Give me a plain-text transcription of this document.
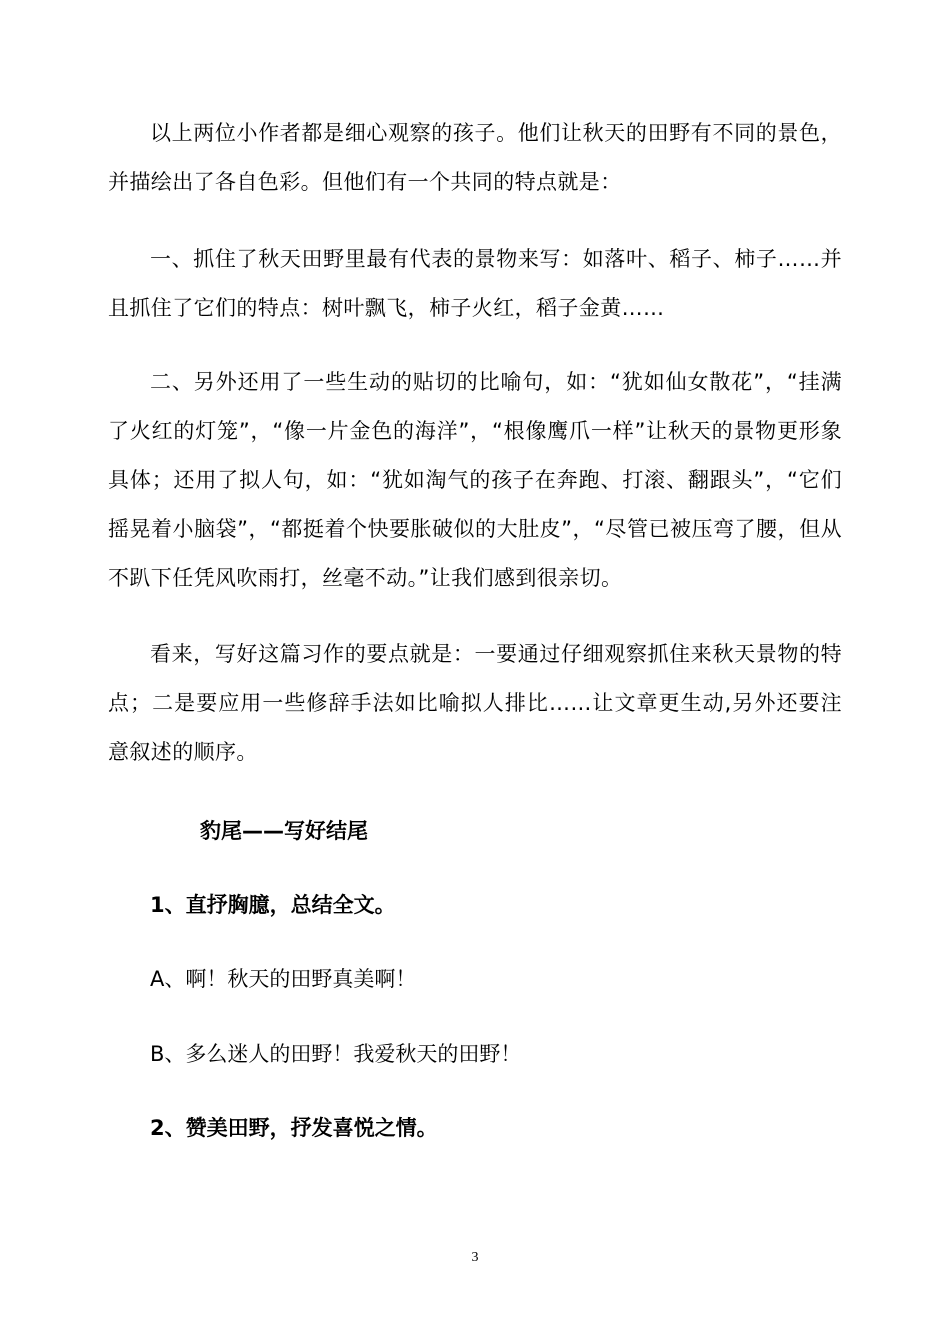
以上两位小作者都是细心观察的孩子。他们让秋天的田野有不同的景色，并描绘出了各自色彩。但他们有一个共同的特点就是：

一、抓住了秋天田野里最有代表的景物来写：如落叶、稻子、柿子……并且抓住了它们的特点：树叶飘飞，柿子火红，稻子金黄……

二、另外还用了一些生动的贴切的比喻句，如：“犹如仙女散花”，“挂满了火红的灯笼”，“像一片金色的海洋”，“根像鹰爪一样”让秋天的景物更形象具体；还用了拟人句，如：“犹如淘气的孩子在奔跑、打滚、翻跟头”，“它们摇晃着小脑袋”，“都挺着个快要胀破似的大肚皮”，“尽管已被压弯了腰，但从不趴下任凭风吹雨打，丝毫不动。”让我们感到很亲切。

看来，写好这篇习作的要点就是：一要通过仔细观察抓住来秋天景物的特点；二是要应用一些修辞手法如比喻拟人排比……让文章更生动,另外还要注意叙述的顺序。

豹尾——写好结尾

1、直抒胸臆，总结全文。

A、啊！秋天的田野真美啊！

B、多么迷人的田野！我爱秋天的田野！

2、赞美田野，抒发喜悦之情。

3
